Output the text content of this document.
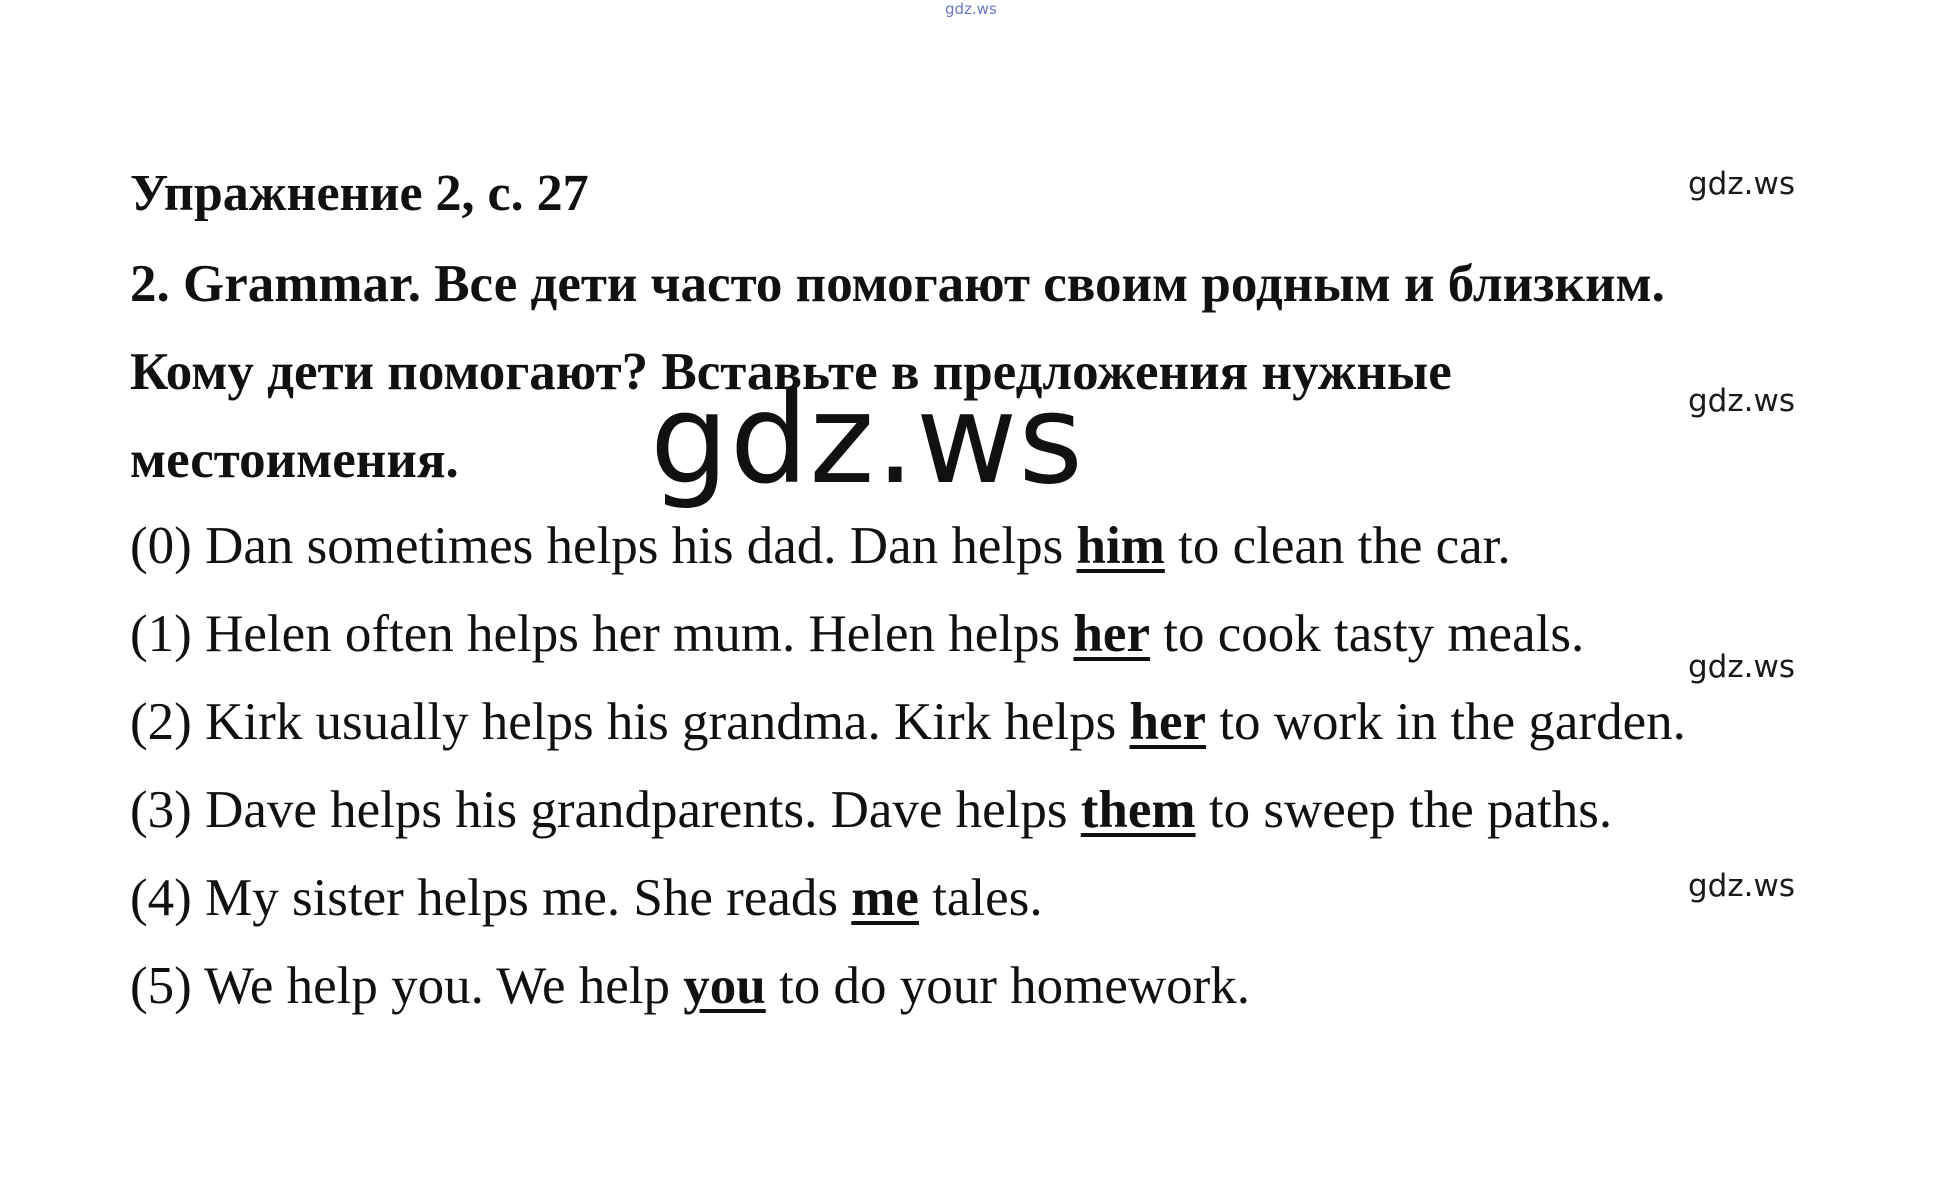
gdz.ws
gdz.ws
gdz.ws
gdz.ws
gdz.ws
Упражнение 2, с. 27
2. Grammar. Все дети часто помогают своим родным и близким.
Кому дети помогают? Вставьте в предложения нужные
местоимения. gdz.ws
(0) Dan sometimes helps his dad. Dan helps him to clean the car.
(1) Helen often helps her mum. Helen helps her to cook tasty meals.
(2) Kirk usually helps his grandma. Kirk helps her to work in the garden.
(3) Dave helps his grandparents. Dave helps them to sweep the paths.
(4) My sister helps me. She reads me tales.
(5) We help you. We help you to do your homework.
